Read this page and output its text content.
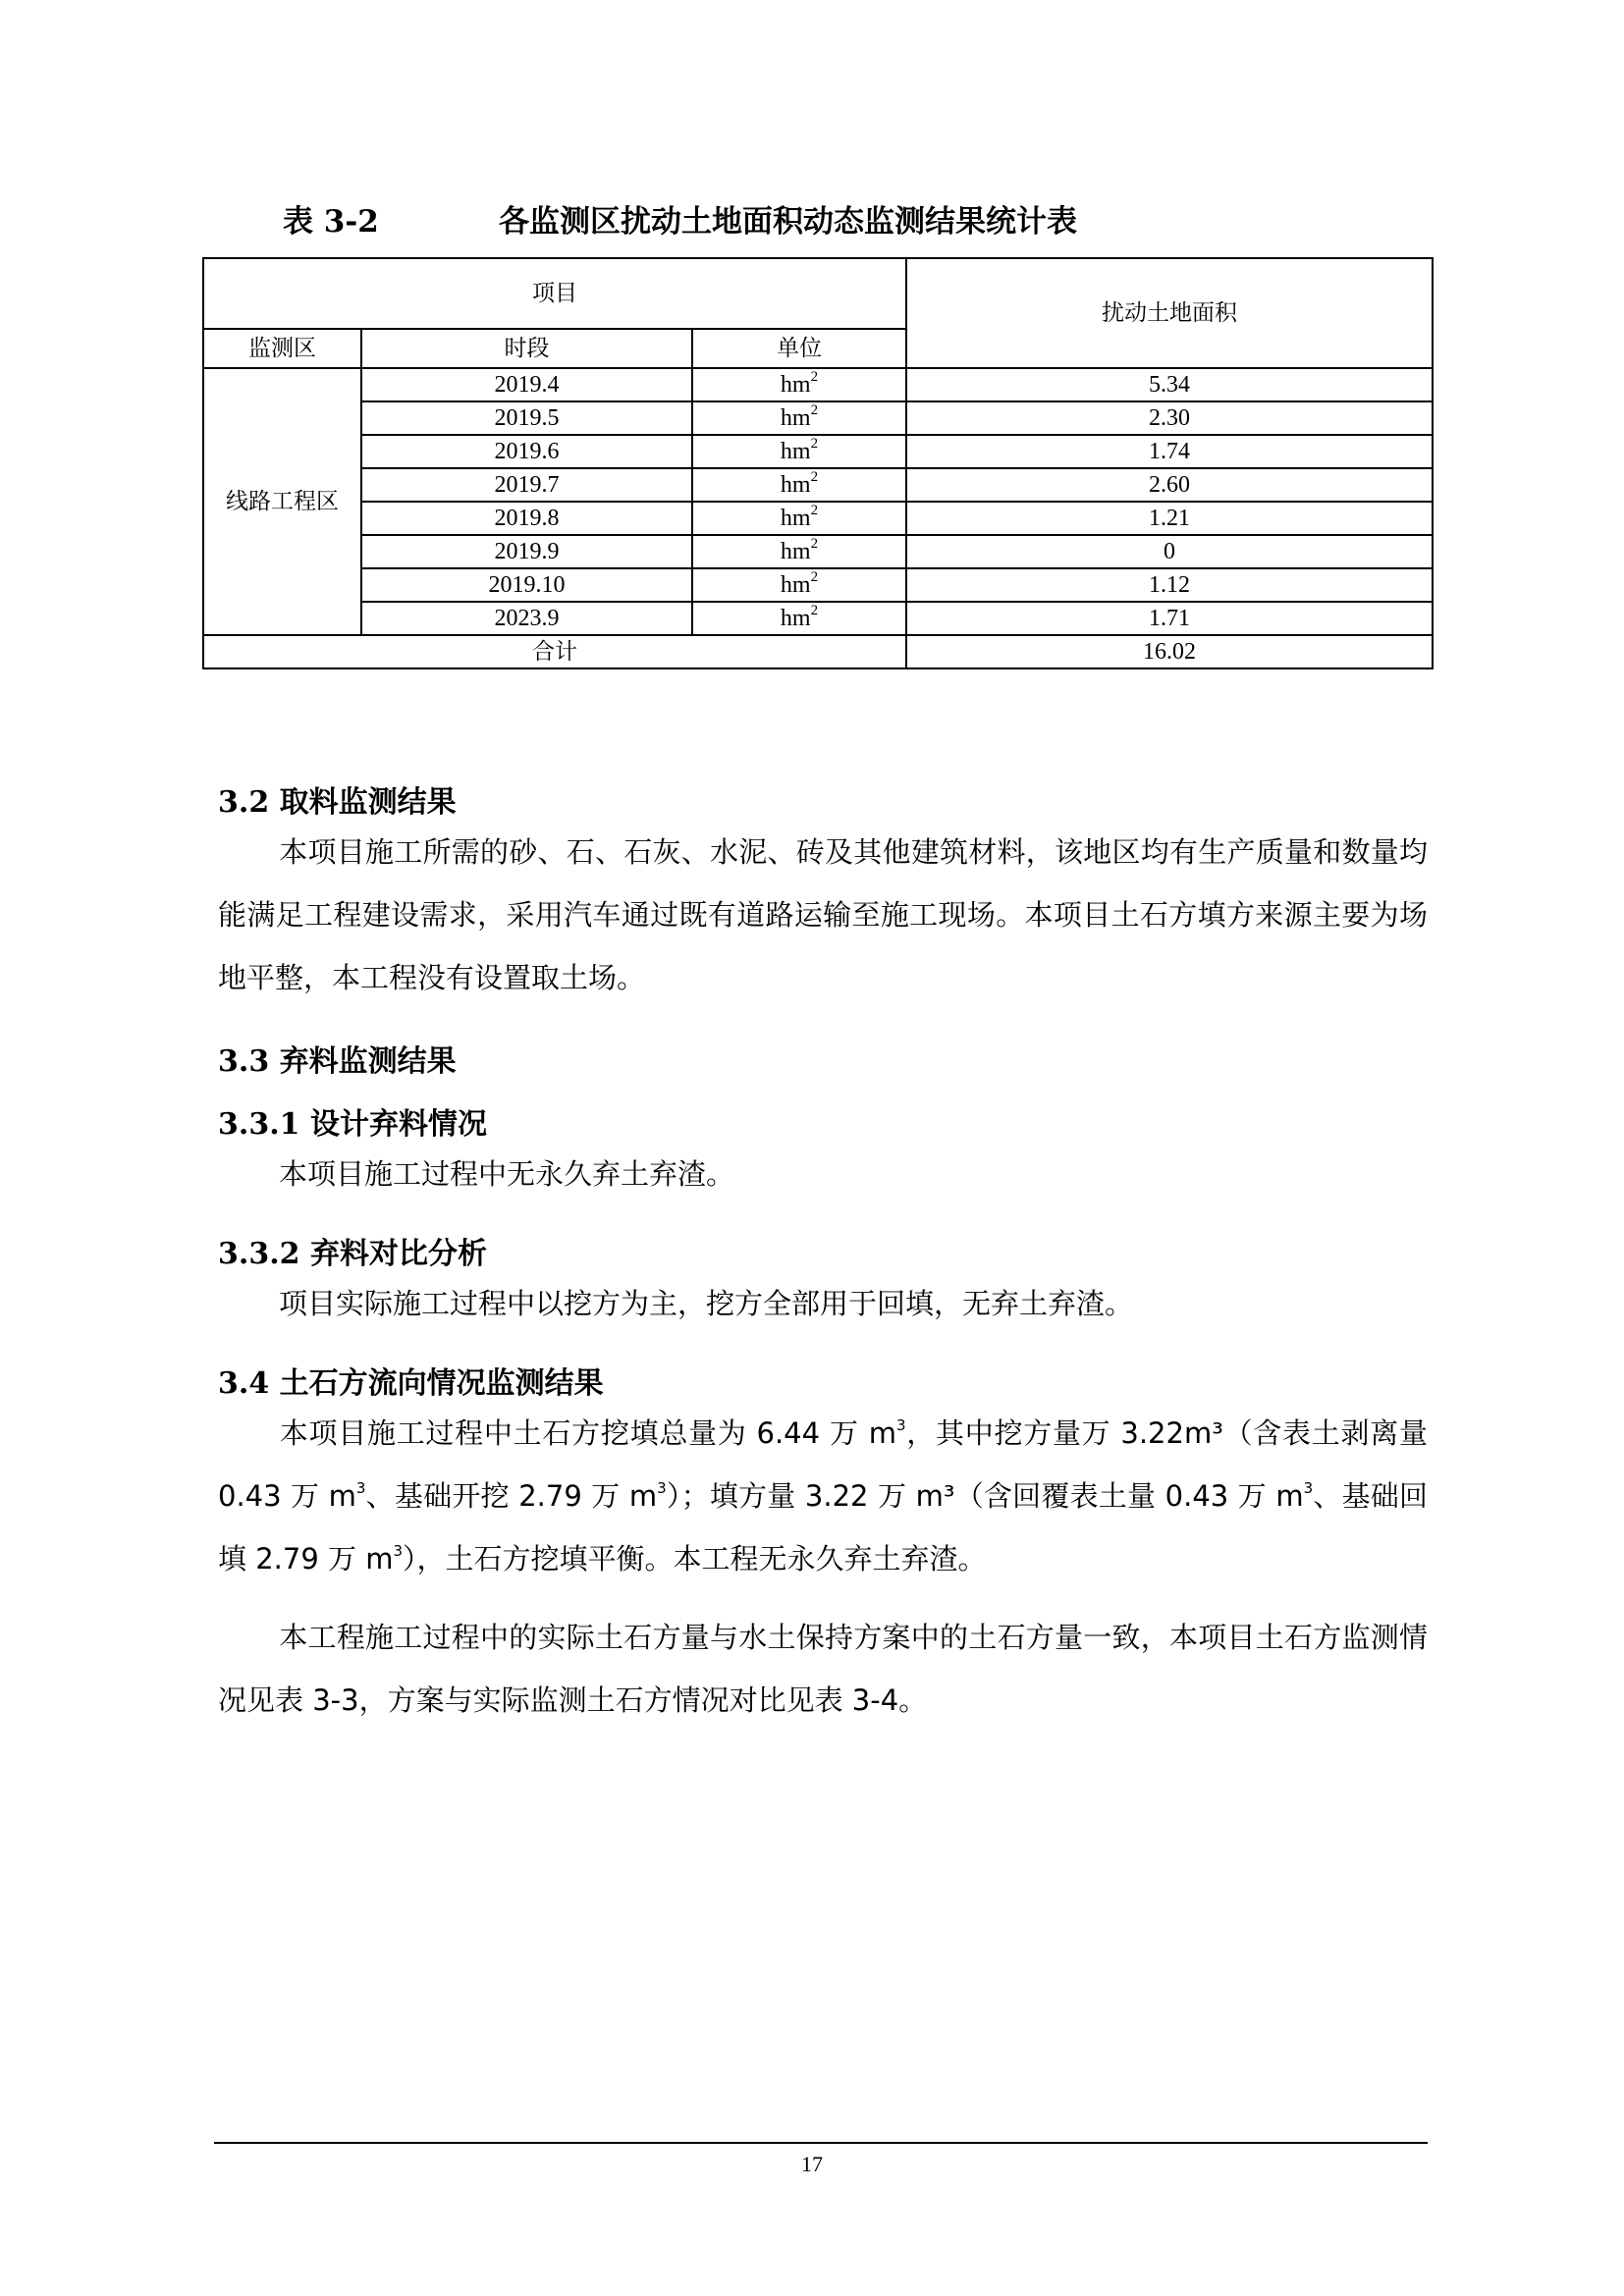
表 3-2	各监测区扰动土地面积动态监测结果统计表
项目			扰动土地面积
监测区	时段	单位	
线路工程区	2019.4	$hm^2$	5.34
	2019.5	$hm^2$	2.30
	2019.6	$hm^2$	1.74
	2019.7	$hm^2$	2.60
	2019.8	$hm^2$	1.21
	2019.9	$hm^2$	0
	2019.10	$hm^2$	1.12
	2023.9	$hm^2$	1.71
合计			16.02
3.2 取料监测结果
本项目施工所需的砂、石、石灰、水泥、砖及其他建筑材料，该地区均有生产质量和数量均能满足工程建设需求，采用汽车通过既有道路运输至施工现场。本项目土石方填方来源主要为场地平整，本工程没有设置取土场。
3.3 弃料监测结果
3.3.1 设计弃料情况
本项目施工过程中无永久弃土弃渣。
3.3.2 弃料对比分析
项目实际施工过程中以挖方为主，挖方全部用于回填，无弃土弃渣。
3.4 土石方流向情况监测结果
本项目施工过程中土石方挖填总量为 6.44 万 $m^3$，其中挖方量万 3.22m³（含表土剥离量 0.43 万 $m^3$、基础开挖 2.79 万 $m^3$）；填方量 3.22 万 m³（含回覆表土量 0.43 万 $m^3$、基础回填 2.79 万 $m^3$），土石方挖填平衡。本工程无永久弃土弃渣。
本工程施工过程中的实际土石方量与水土保持方案中的土石方量一致，本项目土石方监测情况见表 3-3，方案与实际监测土石方情况对比见表 3-4。
17
